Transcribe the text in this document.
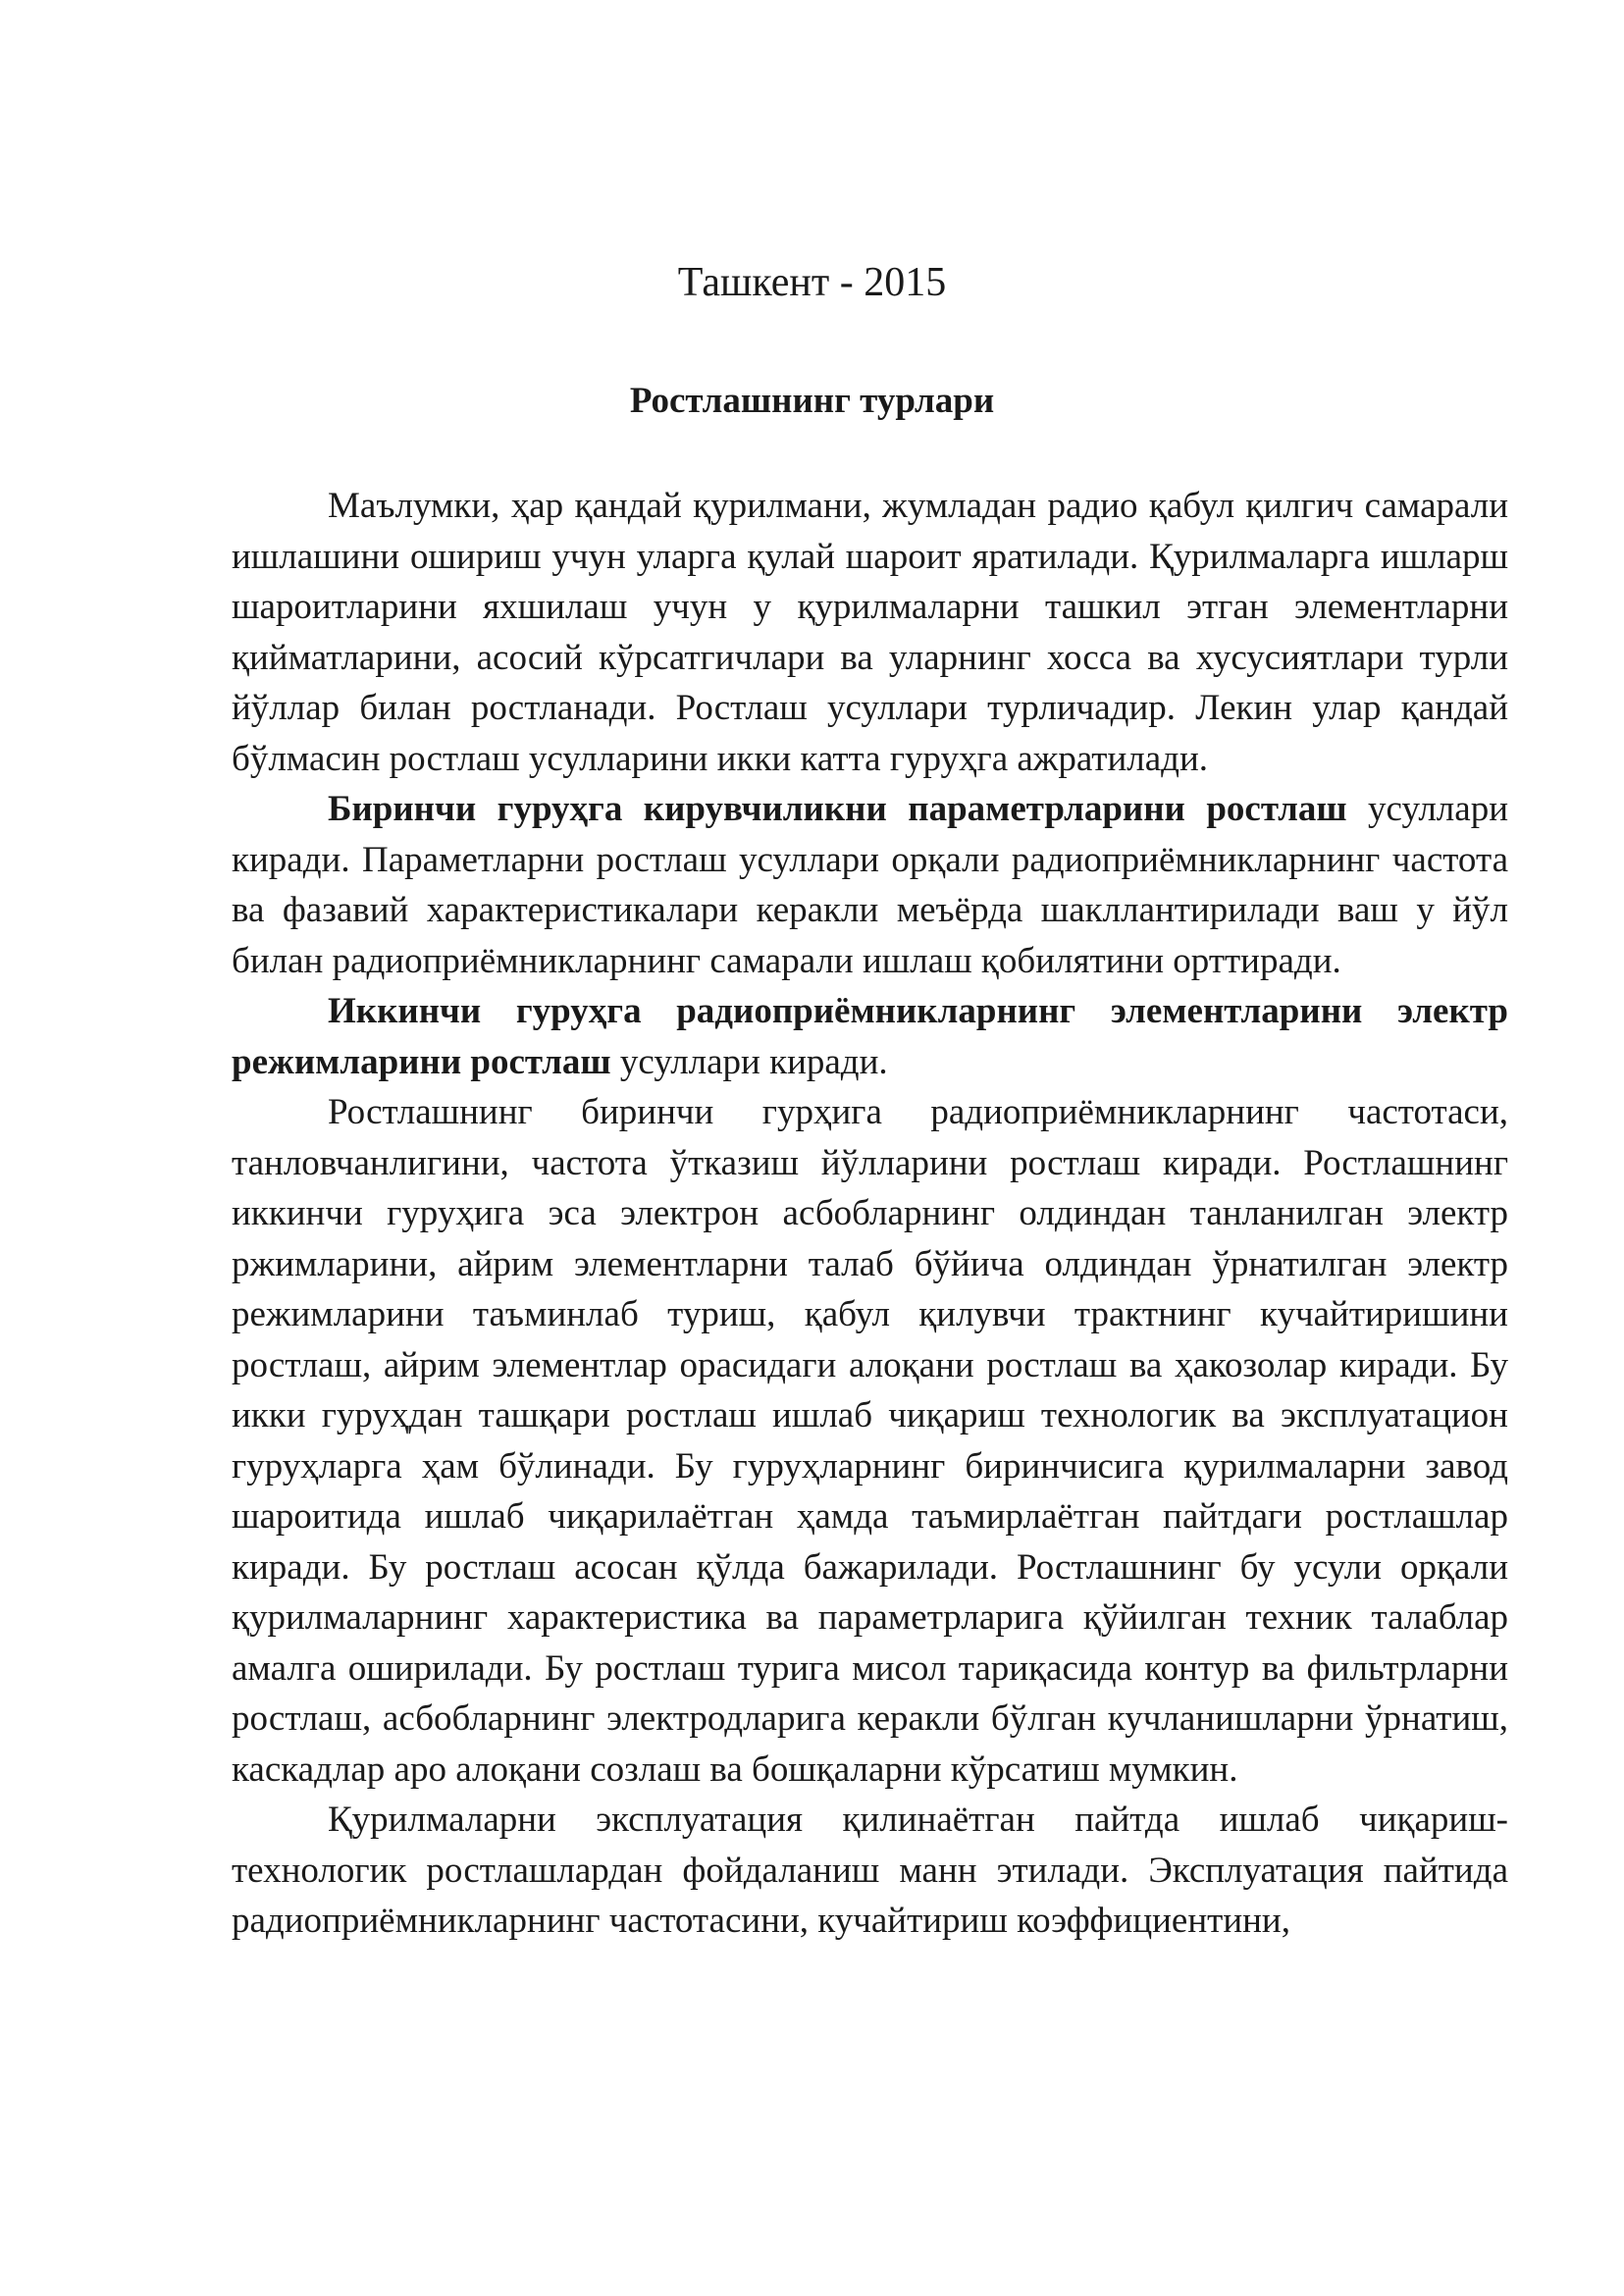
Ташкент - 2015
Ростлашнинг турлари

Маълумки, ҳар қандай қурилмани, жумладан радио қабул қилгич самарали ишлашини ошириш учун уларга қулай шароит яратилади. Қурилмаларга ишларш шароитларини яхшилаш учун у қурилмаларни ташкил этган элементларни қийматларини, асосий кўрсатгичлари ва уларнинг хосса ва хусусиятлари турли йўллар билан ростланади. Ростлаш усуллари турличадир. Лекин улар қандай бўлмасин ростлаш усулларини икки катта гуруҳга ажратилади.

Биринчи гуруҳга кирувчиликни параметрларини ростлаш усуллари киради. Параметларни ростлаш усуллари орқали радиоприёмникларнинг частота ва фазавий характеристикалари керакли меъёрда шакллантирилади ваш у йўл билан радиоприёмникларнинг самарали ишлаш қобилятини орттиради.

Иккинчи гуруҳга радиоприёмникларнинг элементларини электр режимларини ростлаш усуллари киради.

Ростлашнинг биринчи гурҳига радиоприёмникларнинг частотаси, танловчанлигини, частота ўтказиш йўлларини ростлаш киради. Ростлашнинг иккинчи гуруҳига эса электрон асбобларнинг олдиндан танланилган электр ржимларини, айрим элементларни талаб бўйича олдиндан ўрнатилган электр режимларини таъминлаб туриш, қабул қилувчи трактнинг кучайтиришини ростлаш, айрим элементлар орасидаги алоқани ростлаш ва ҳакозолар киради. Бу икки гуруҳдан ташқари ростлаш ишлаб чиқариш технологик ва эксплуатацион гуруҳларга ҳам бўлинади. Бу гуруҳларнинг биринчисига қурилмаларни завод шароитида ишлаб чиқарилаётган ҳамда таъмирлаётган пайтдаги ростлашлар киради. Бу ростлаш асосан қўлда бажарилади. Ростлашнинг бу усули орқали қурилмаларнинг характеристика ва параметрларига қўйилган техник талаблар амалга оширилади. Бу ростлаш турига мисол тариқасида контур ва фильтрларни ростлаш, асбобларнинг электродларига керакли бўлган кучланишларни ўрнатиш, каскадлар аро алоқани созлаш ва бошқаларни кўрсатиш мумкин.

Қурилмаларни эксплуатация қилинаётган пайтда ишлаб чиқариш-технологик ростлашлардан фойдаланиш манн этилади. Эксплуатация пайтида радиоприёмникларнинг частотасини, кучайтириш коэффициентини,
